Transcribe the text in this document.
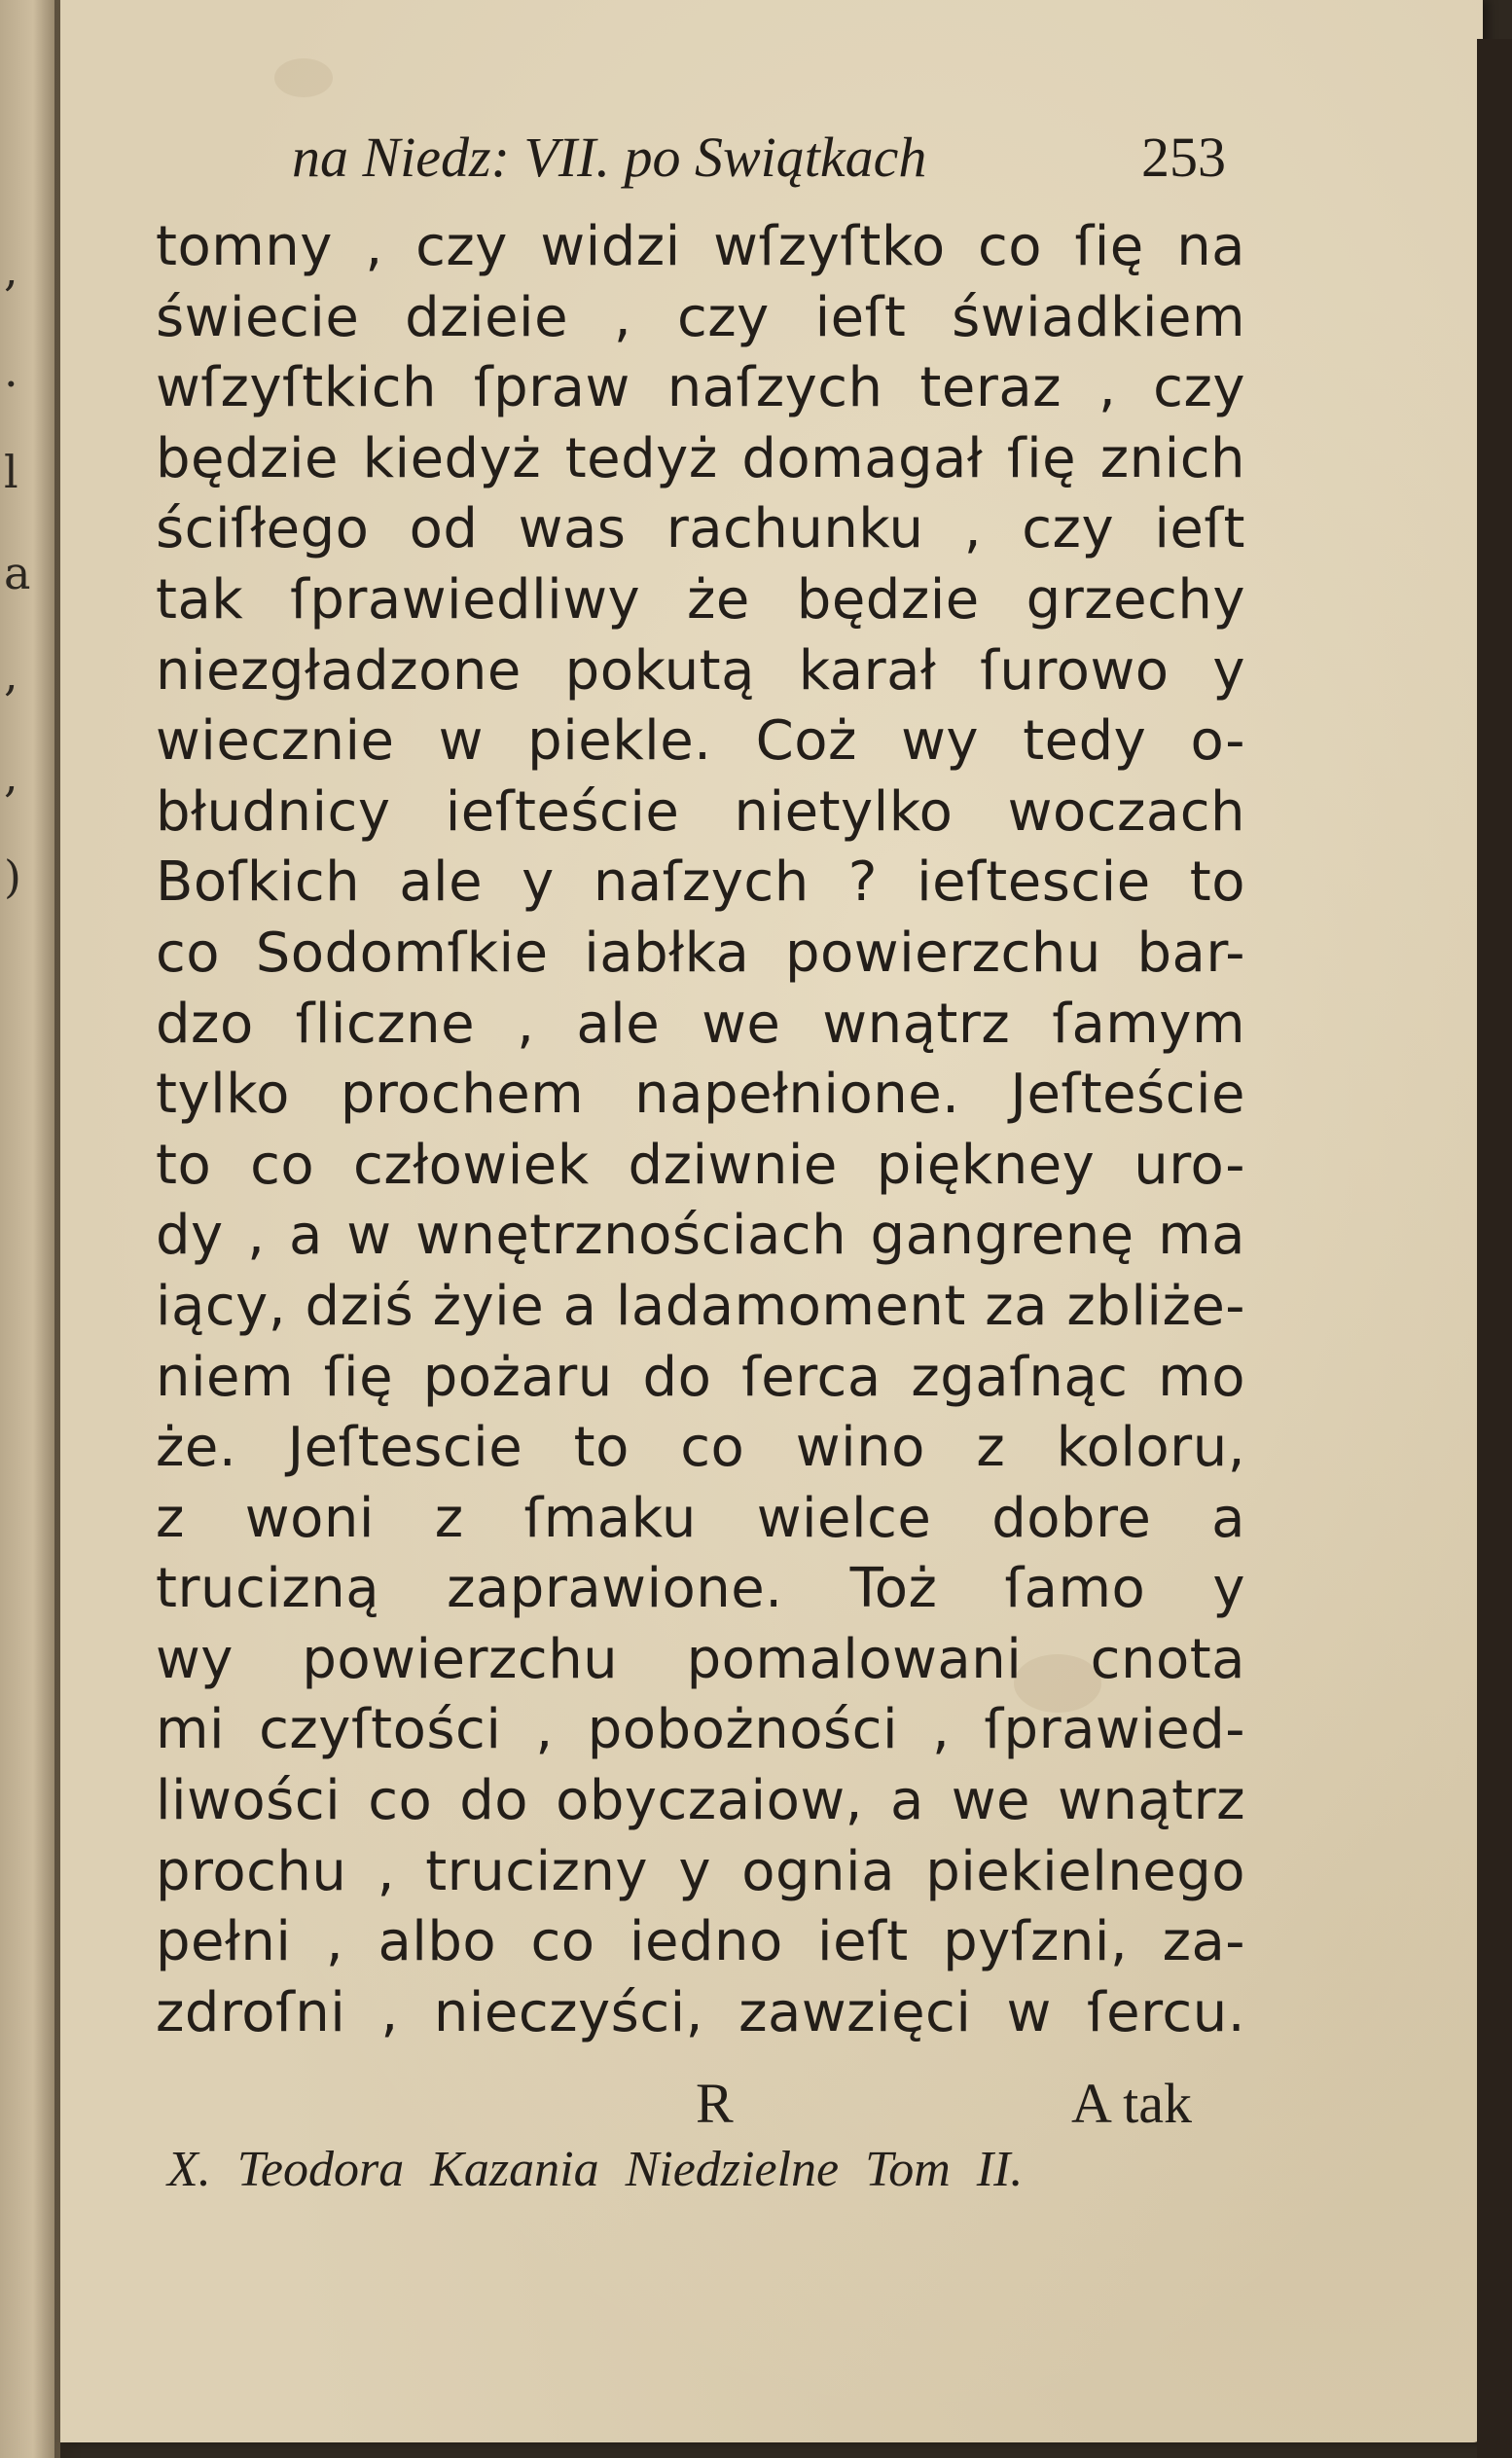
,
.
l
a
,
,
)
na Niedz: VII. po Swiątkach	253
tomny , czy widzi wſzyſtko co ſię na
świecie dzieie , czy ieſt świadkiem
wſzyſtkich ſpraw naſzych teraz , czy
będzie kiedyż tedyż domagał ſię znich
ściſłego od was rachunku , czy ieſt
tak ſprawiedliwy że będzie grzechy
niezgładzone pokutą karał ſurowo y
wiecznie w piekle. Coż wy tedy o-
błudnicy ieſteście nietylko woczach
Boſkich ale y naſzych ? ieſtescie to
co Sodomſkie iabłka powierzchu bar-
dzo ſliczne , ale we wnątrz ſamym
tylko prochem napełnione. Jeſteście
to co człowiek dziwnie piękney uro-
dy , a w wnętrznościach gangrenę ma
iący, dziś żyie a ladamoment za zbliże-
niem ſię pożaru do ſerca zgaſnąc mo
że. Jeſtescie to co wino z koloru,
z woni z ſmaku wielce dobre a
trucizną zaprawione. Toż ſamo y
wy powierzchu pomalowani cnota
mi czyſtości , pobożności , ſprawied-
liwości co do obyczaiow, a we wnątrz
prochu , trucizny y ognia piekielnego
pełni , albo co iedno ieſt pyſzni, za-
zdroſni , nieczyści, zawzięci w ſercu.
R	A tak
X. Teodora Kazania Niedzielne Tom II.
